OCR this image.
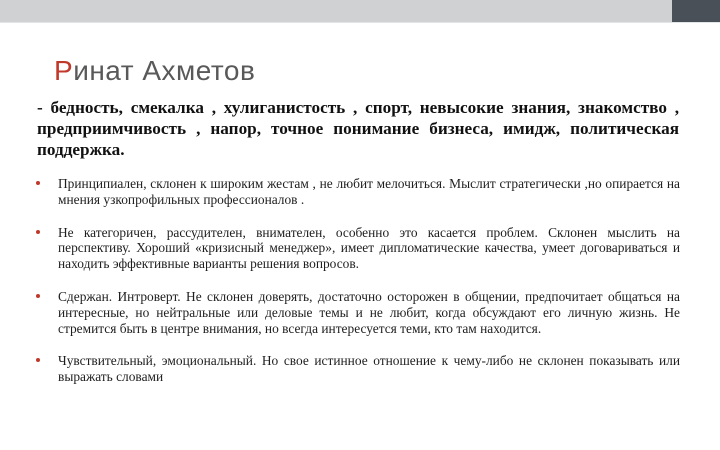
Ринат Ахметов
- бедность, смекалка , хулиганистость , спорт, невысокие знания, знакомство , предприимчивость , напор, точное понимание бизнеса, имидж, политическая поддержка.
Принципиален, склонен к широким жестам , не любит мелочиться. Мыслит стратегически ,но опирается на мнения узкопрофильных профессионалов .
Не категоричен, рассудителен, внимателен, особенно это касается проблем. Склонен мыслить на перспективу. Хороший «кризисный менеджер», имеет дипломатические качества, умеет договариваться и находить эффективные варианты решения вопросов.
Сдержан. Интроверт. Не склонен доверять, достаточно осторожен в общении, предпочитает общаться на интересные, но нейтральные или деловые темы и не любит, когда обсуждают его личную жизнь. Не стремится быть в центре внимания, но всегда интересуется теми, кто там находится.
Чувствительный, эмоциональный. Но свое истинное отношение к чему-либо не склонен показывать или выражать словами
